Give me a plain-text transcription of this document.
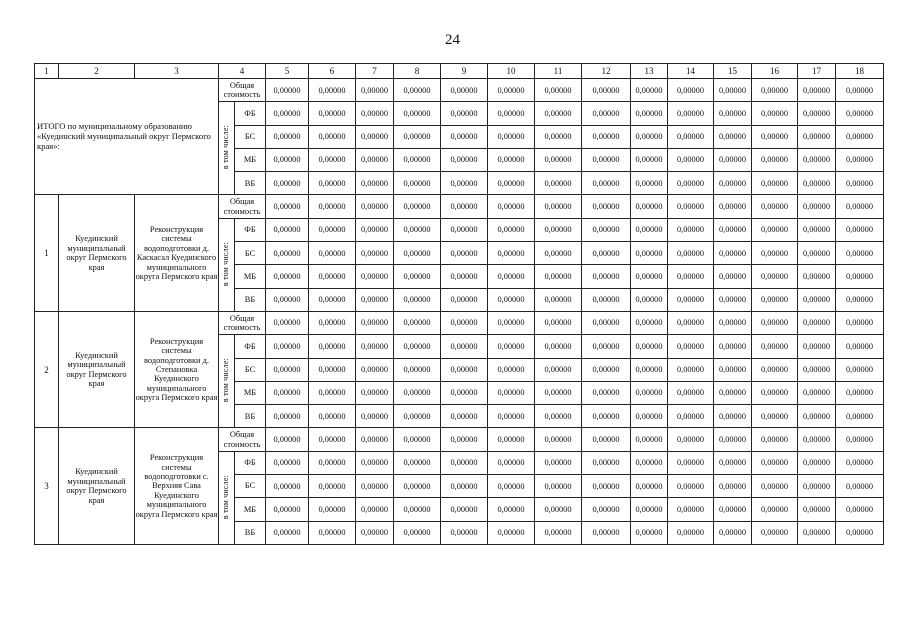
24
1	2	3	4		5	6	7	8	9	10	11	12	13	14	15	16	17	18
ИТОГО по муниципальному образованию «Куединский муниципальный округ Пермского края»:			Общая стоимость		0,00000	0,00000	0,00000	0,00000	0,00000	0,00000	0,00000	0,00000	0,00000	0,00000	0,00000	0,00000	0,00000	0,00000
			в том числе:	ФБ	0,00000	0,00000	0,00000	0,00000	0,00000	0,00000	0,00000	0,00000	0,00000	0,00000	0,00000	0,00000	0,00000	0,00000
				БС	0,00000	0,00000	0,00000	0,00000	0,00000	0,00000	0,00000	0,00000	0,00000	0,00000	0,00000	0,00000	0,00000	0,00000
				МБ	0,00000	0,00000	0,00000	0,00000	0,00000	0,00000	0,00000	0,00000	0,00000	0,00000	0,00000	0,00000	0,00000	0,00000
				ВБ	0,00000	0,00000	0,00000	0,00000	0,00000	0,00000	0,00000	0,00000	0,00000	0,00000	0,00000	0,00000	0,00000	0,00000
1	Куединский муниципальный округ Пермского края	Реконструкция системы водоподготовки д. Каскасал Куединского муниципального округа Пермского края	Общая стоимость		0,00000	0,00000	0,00000	0,00000	0,00000	0,00000	0,00000	0,00000	0,00000	0,00000	0,00000	0,00000	0,00000	0,00000
			в том числе:	ФБ	0,00000	0,00000	0,00000	0,00000	0,00000	0,00000	0,00000	0,00000	0,00000	0,00000	0,00000	0,00000	0,00000	0,00000
				БС	0,00000	0,00000	0,00000	0,00000	0,00000	0,00000	0,00000	0,00000	0,00000	0,00000	0,00000	0,00000	0,00000	0,00000
				МБ	0,00000	0,00000	0,00000	0,00000	0,00000	0,00000	0,00000	0,00000	0,00000	0,00000	0,00000	0,00000	0,00000	0,00000
				ВБ	0,00000	0,00000	0,00000	0,00000	0,00000	0,00000	0,00000	0,00000	0,00000	0,00000	0,00000	0,00000	0,00000	0,00000
2	Куединский муниципальный округ Пермского края	Реконструкция системы водоподготовки д. Степановка Куединского муниципального округа Пермского края	Общая стоимость		0,00000	0,00000	0,00000	0,00000	0,00000	0,00000	0,00000	0,00000	0,00000	0,00000	0,00000	0,00000	0,00000	0,00000
			в том числе:	ФБ	0,00000	0,00000	0,00000	0,00000	0,00000	0,00000	0,00000	0,00000	0,00000	0,00000	0,00000	0,00000	0,00000	0,00000
				БС	0,00000	0,00000	0,00000	0,00000	0,00000	0,00000	0,00000	0,00000	0,00000	0,00000	0,00000	0,00000	0,00000	0,00000
				МБ	0,00000	0,00000	0,00000	0,00000	0,00000	0,00000	0,00000	0,00000	0,00000	0,00000	0,00000	0,00000	0,00000	0,00000
				ВБ	0,00000	0,00000	0,00000	0,00000	0,00000	0,00000	0,00000	0,00000	0,00000	0,00000	0,00000	0,00000	0,00000	0,00000
3	Куединский муниципальный округ Пермского края	Реконструкция системы водоподготовки с. Верхняя Сава Куединского муниципального округа Пермского края	Общая стоимость		0,00000	0,00000	0,00000	0,00000	0,00000	0,00000	0,00000	0,00000	0,00000	0,00000	0,00000	0,00000	0,00000	0,00000
			в том числе:	ФБ	0,00000	0,00000	0,00000	0,00000	0,00000	0,00000	0,00000	0,00000	0,00000	0,00000	0,00000	0,00000	0,00000	0,00000
				БС	0,00000	0,00000	0,00000	0,00000	0,00000	0,00000	0,00000	0,00000	0,00000	0,00000	0,00000	0,00000	0,00000	0,00000
				МБ	0,00000	0,00000	0,00000	0,00000	0,00000	0,00000	0,00000	0,00000	0,00000	0,00000	0,00000	0,00000	0,00000	0,00000
				ВБ	0,00000	0,00000	0,00000	0,00000	0,00000	0,00000	0,00000	0,00000	0,00000	0,00000	0,00000	0,00000	0,00000	0,00000
